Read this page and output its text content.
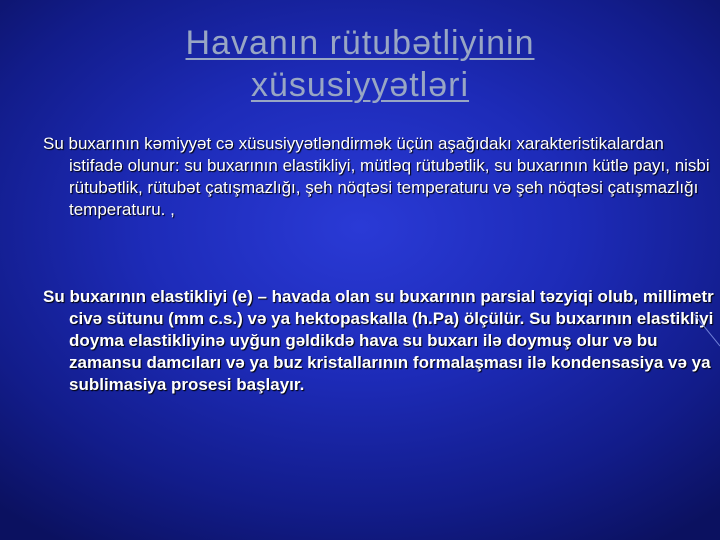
Havanın rütubətliyinin
xüsusiyyətləri
Su buxarının kəmiyyət cə xüsusiyyətləndirmək üçün aşağıdakı xarakteristikalardan istifadə olunur: su buxarının elastikliyi, mütləq rütubətlik, su buxarının kütlə payı, nisbi rütubətlik, rütubət çatışmazlığı, şeh nöqtəsi temperaturu və şeh nöqtəsi çatışmazlığı temperaturu. ,
Su buxarının elastikliyi (e) – havada olan su buxarının parsial təzyiqi olub, millimetr civə sütunu (mm c.s.) və ya hektopaskalla (h.Pa) ölçülür. Su buxarının elastikliyi doyma elastikliyinə uyğun gəldikdə hava su buxarı ilə doymuş olur və bu zamansu damcıları və ya buz kristallarının formalaşması ilə kondensasiya və ya sublimasiya prosesi başlayır.
